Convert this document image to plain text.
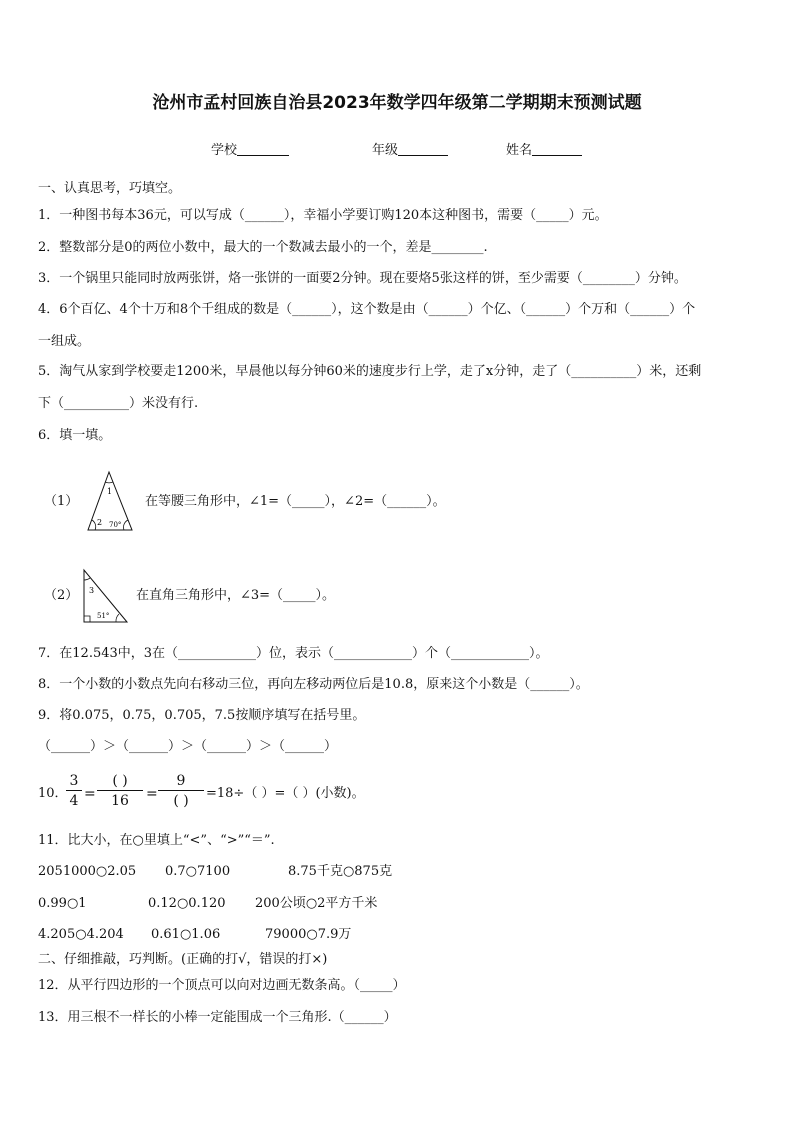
沧州市孟村回族自治县2023年数学四年级第二学期期末预测试题
学校	年级	姓名
一、认真思考，巧填空。
1．一种图书每本36元，可以写成（______），幸福小学要订购120本这种图书，需要（_____）元。
2．整数部分是0的两位小数中，最大的一个数减去最小的一个，差是________.
3．一个锅里只能同时放两张饼，烙一张饼的一面要2分钟。现在要烙5张这样的饼，至少需要（________）分钟。
4．6个百亿、4个十万和8个千组成的数是（______），这个数是由（______）个亿、（______）个万和（______）个
一组成。
5．淘气从家到学校要走1200米，早晨他以每分钟60米的速度步行上学，走了x分钟，走了（__________）米，还剩
下（__________）米没有行.
6．填一填。
（1）
1
2 70°
在等腰三角形中，∠1=（_____），∠2=（______）。
（2） 3
51°
在直角三角形中，∠3=（_____）。
7．在12.543中，3在（____________）位，表示（____________）个（____________）。
8．一个小数的小数点先向右移动三位，再向左移动两位后是10.8，原来这个小数是（______）。
9．将0.075，0.75，0.705，7.5按顺序填写在括号里。
（______）＞（______）＞（______）＞（______）
10．
$\frac{3}{4}$ =
( )
16	=
9
( )	=18÷（ ）=（ ）(小数)。
11．比大小，在○里填上“<”、“>”“＝”.
2051000○2.05 0.7○7100	8.75千克○875克
0.99○1	0.12○0.120 200公顷○2平方千米
4.205○4.204 0.61○1.06	79000○7.9万
二、仔细推敲，巧判断。(正确的打√，错误的打×)
12．从平行四边形的一个顶点可以向对边画无数条高。（_____）
13．用三根不一样长的小棒一定能围成一个三角形.（______）
